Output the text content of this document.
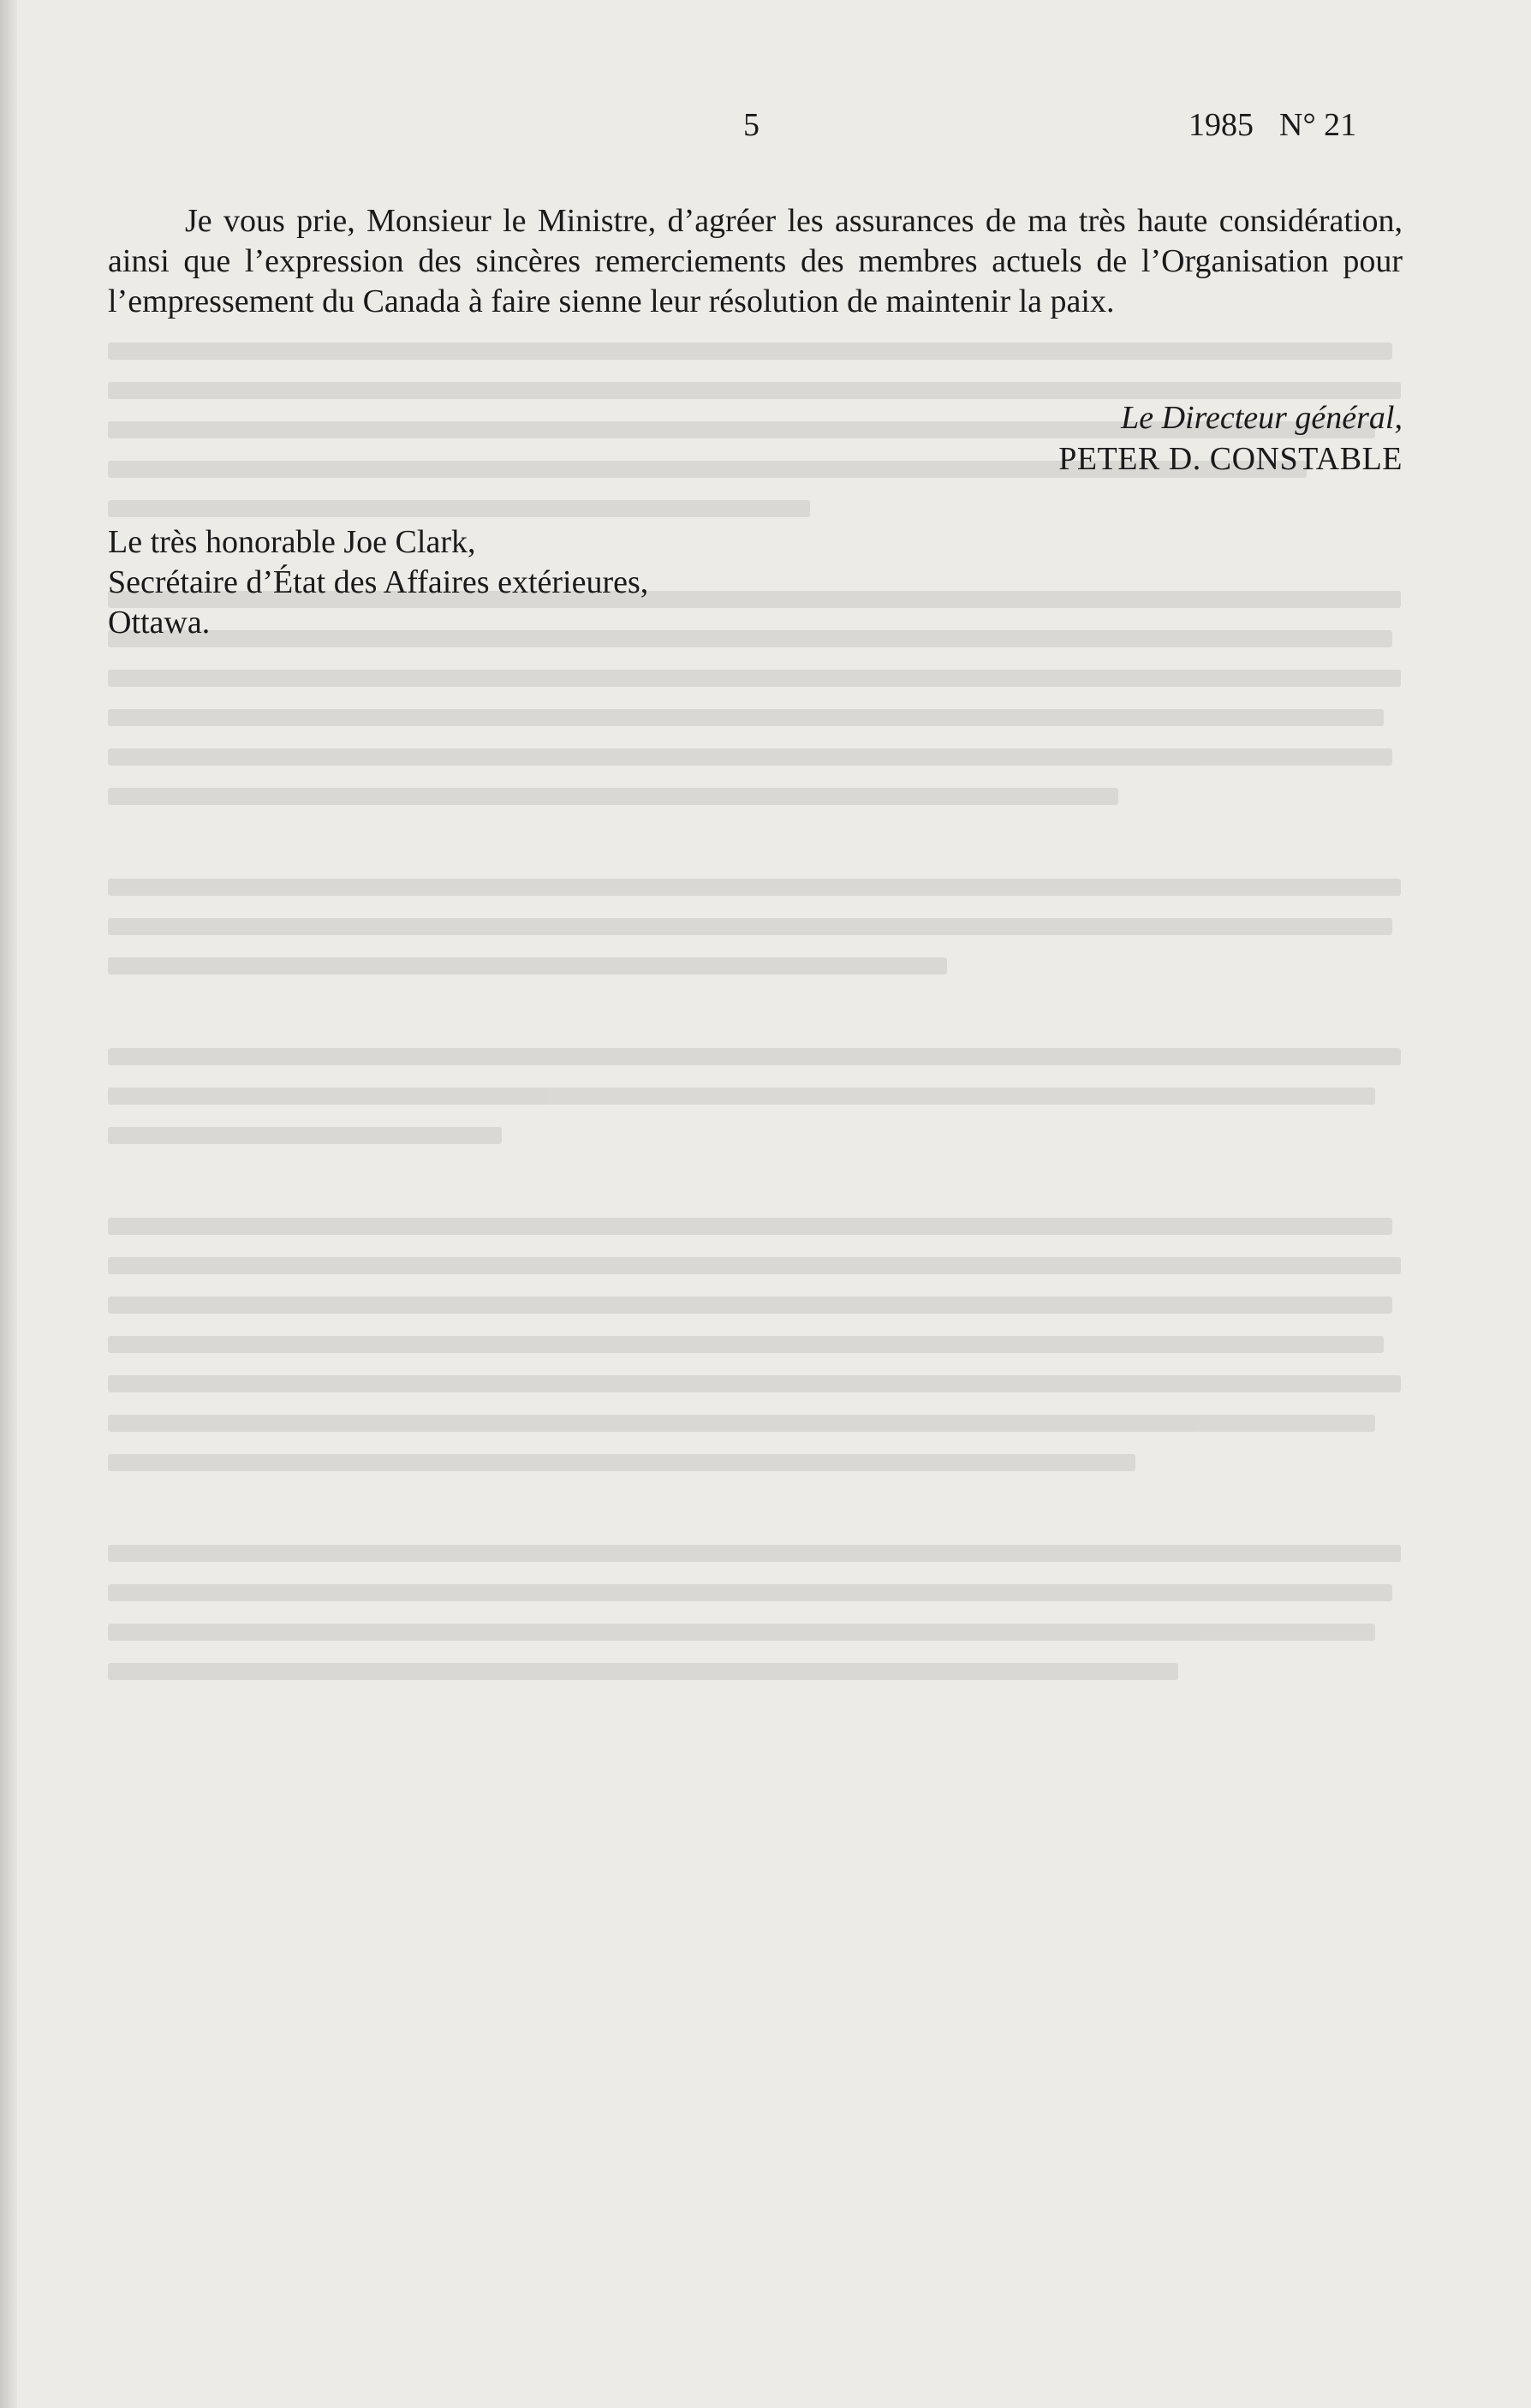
5	1985 N° 21

Je vous prie, Monsieur le Ministre, d’agréer les assurances de ma très haute considération, ainsi que l’expression des sincères remerciements des membres actuels de l’Organisation pour l’empressement du Canada à faire sienne leur résolution de maintenir la paix.

Le Directeur général,
PETER D. CONSTABLE
Le très honorable Joe Clark,
Secrétaire d’État des Affaires extérieures,
Ottawa.
